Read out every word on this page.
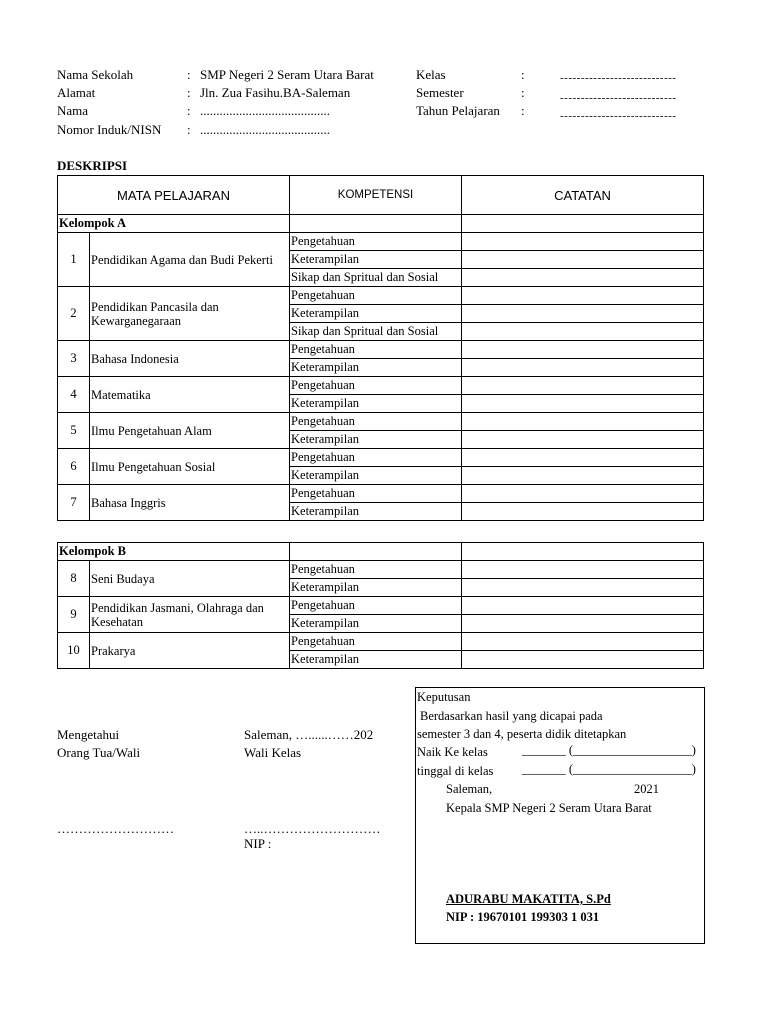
Nama Sekolah	: SMP Negeri 2 Seram Utara Barat
Alamat	: Jln. Zua Fasihu.BA-Saleman
Nama	: ........................................
Nomor Induk/NISN : ........................................
Kelas	:	----------------------------
Semester	:	----------------------------
Tahun Pelajaran :	----------------------------
DESKRIPSI
MATA PELAJARAN		KOMPETENSI	CATATAN
Kelompok A			
1	Pendidikan Agama dan Budi Pekerti	Pengetahuan	
		Keterampilan	
		Sikap dan Spritual dan Sosial	
2	Pendidikan Pancasila dan Kewarganegaraan	Pengetahuan	
		Keterampilan	
		Sikap dan Spritual dan Sosial	
3	Bahasa Indonesia	Pengetahuan	
		Keterampilan	
4	Matematika	Pengetahuan	
		Keterampilan	
5	Ilmu Pengetahuan Alam	Pengetahuan	
		Keterampilan	
6	Ilmu Pengetahuan Sosial	Pengetahuan	
		Keterampilan	
7	Bahasa Inggris	Pengetahuan	
		Keterampilan	
Kelompok B			
8	Seni Budaya	Pengetahuan	
		Keterampilan	
9	Pendidikan Jasmani, Olahraga dan Kesehatan	Pengetahuan	
		Keterampilan	
10	Prakarya	Pengetahuan	
		Keterampilan	
Mengetahui
Orang Tua/Wali
Saleman, …......……202
Wali Kelas
………………………	…..………………………
NIP :
Keputusan
Berdasarkan hasil yang dicapai pada
semester 3 dan 4, peserta didik ditetapkan
Naik Ke kelas	_______ (___________________)
tinggal di kelas _______ (___________________)
Saleman,	2021
Kepala SMP Negeri 2 Seram Utara Barat
ADURABU MAKATITA, S.Pd
NIP : 19670101 199303 1 031
